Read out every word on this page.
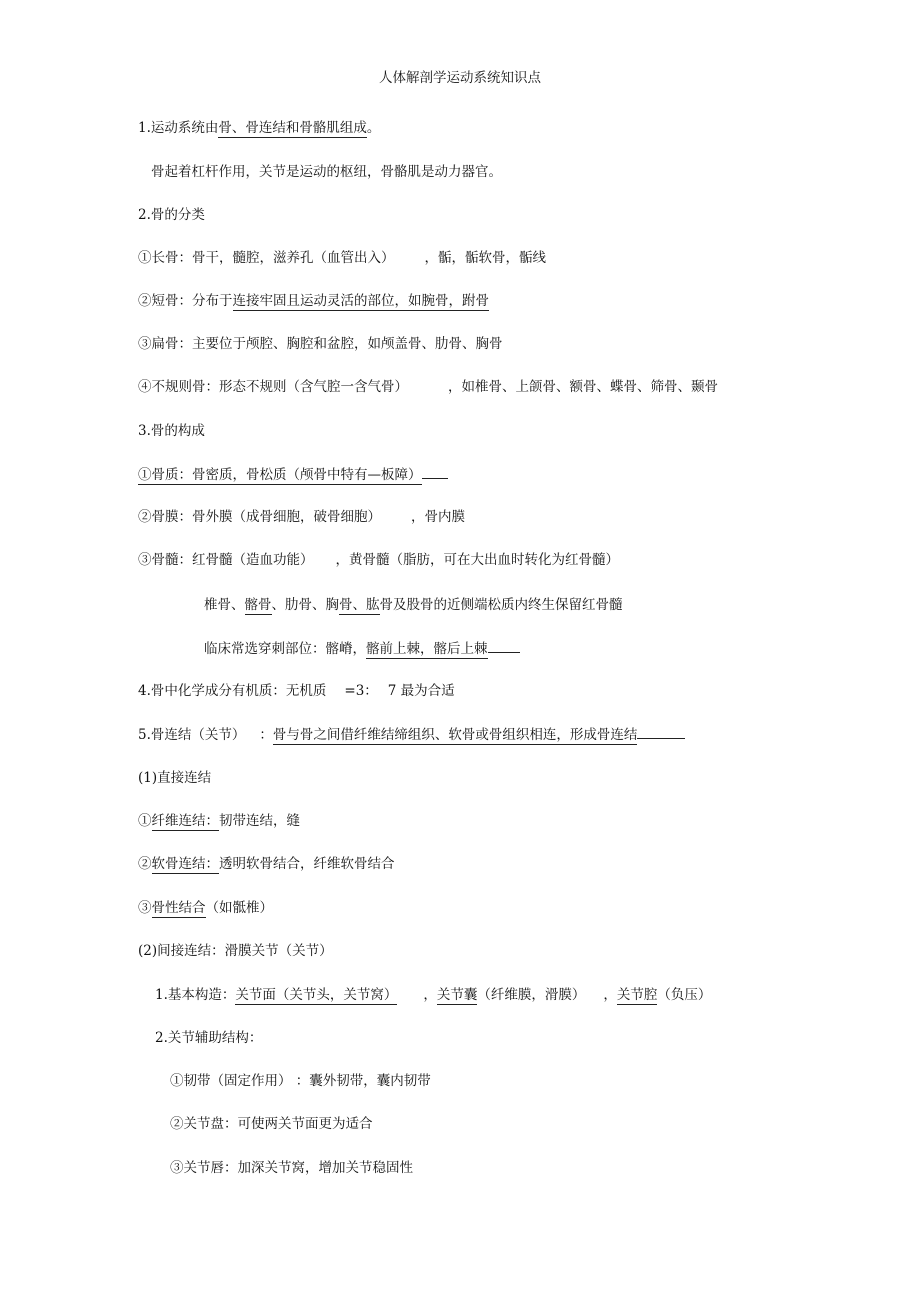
人体解剖学运动系统知识点
1.运动系统由骨、骨连结和骨骼肌组成。
骨起着杠杆作用，关节是运动的枢纽，骨骼肌是动力器官。
2.骨的分类
①长骨：骨干，髓腔，滋养孔（血管出入） ，骺，骺软骨，骺线
②短骨：分布于连接牢固且运动灵活的部位，如腕骨，跗骨
③扁骨：主要位于颅腔、胸腔和盆腔，如颅盖骨、肋骨、胸骨
④不规则骨：形态不规则（含气腔一含气骨）	，如椎骨、上颌骨、额骨、蝶骨、筛骨、颞骨
3.骨的构成
①骨质：骨密质，骨松质（颅骨中特有—板障）
②骨膜：骨外膜（成骨细胞，破骨细胞） ，骨内膜
③骨髓：红骨髓（造血功能） ，黄骨髓（脂肪，可在大出血时转化为红骨髓）
椎骨、髂骨、肋骨、胸骨、肱骨及股骨的近侧端松质内终生保留红骨髓
临床常选穿刺部位：髂嵴，髂前上棘，髂后上棘
4.骨中化学成分有机质：无机质 =3： 7 最为合适
5.骨连结（关节） ：骨与骨之间借纤维结缔组织、软骨或骨组织相连，形成骨连结
(1)直接连结
①纤维连结：韧带连结，缝
②软骨连结：透明软骨结合，纤维软骨结合
③骨性结合（如骶椎）
(2)间接连结：滑膜关节（关节）
1.基本构造：关节面（关节头，关节窝） ，关节囊（纤维膜，滑膜） ，关节腔（负压）
2.关节辅助结构：
①韧带（固定作用） ：囊外韧带，囊内韧带
②关节盘：可使两关节面更为适合
③关节唇：加深关节窝，增加关节稳固性
